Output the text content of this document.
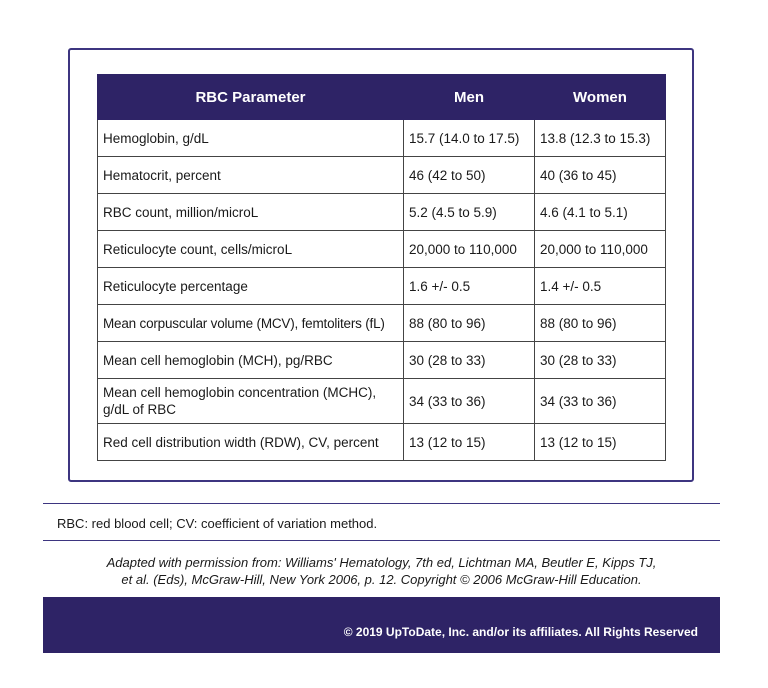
RBC Parameter	Men	Women
Hemoglobin, g/dL	15.7 (14.0 to 17.5)	13.8 (12.3 to 15.3)
Hematocrit, percent	46 (42 to 50)	40 (36 to 45)
RBC count, million/microL	5.2 (4.5 to 5.9)	4.6 (4.1 to 5.1)
Reticulocyte count, cells/microL	20,000 to 110,000	20,000 to 110,000
Reticulocyte percentage	1.6 +/- 0.5	1.4 +/- 0.5
Mean corpuscular volume (MCV), femtoliters (fL)	88 (80 to 96)	88 (80 to 96)
Mean cell hemoglobin (MCH), pg/RBC	30 (28 to 33)	30 (28 to 33)
Mean cell hemoglobin concentration (MCHC), g/dL of RBC	34 (33 to 36)	34 (33 to 36)
Red cell distribution width (RDW), CV, percent	13 (12 to 15)	13 (12 to 15)
RBC: red blood cell; CV: coefficient of variation method.
Adapted with permission from: Williams' Hematology, 7th ed, Lichtman MA, Beutler E, Kipps TJ,
et al. (Eds), McGraw-Hill, New York 2006, p. 12. Copyright © 2006 McGraw-Hill Education.
© 2019 UpToDate, Inc. and/or its affiliates. All Rights Reserved
